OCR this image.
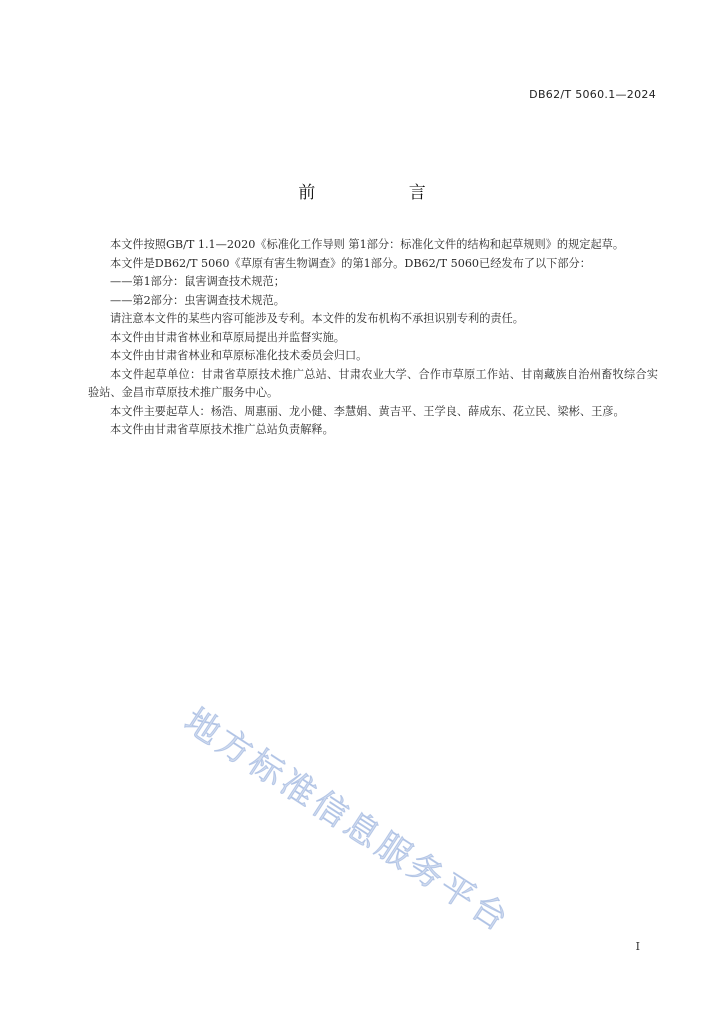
DB62/T 5060.1—2024
前 言

本文件按照GB/T 1.1—2020《标准化工作导则 第1部分：标准化文件的结构和起草规则》的规定起草。

本文件是DB62/T 5060《草原有害生物调查》的第1部分。DB62/T 5060已经发布了以下部分：

——第1部分：鼠害调查技术规范；

——第2部分：虫害调查技术规范。

请注意本文件的某些内容可能涉及专利。本文件的发布机构不承担识别专利的责任。

本文件由甘肃省林业和草原局提出并监督实施。

本文件由甘肃省林业和草原标准化技术委员会归口。

本文件起草单位：甘肃省草原技术推广总站、甘肃农业大学、合作市草原工作站、甘南藏族自治州畜牧综合实验站、金昌市草原技术推广服务中心。

本文件主要起草人：杨浩、周惠丽、龙小健、李慧娟、黄吉平、王学良、薛成东、花立民、梁彬、王彦。

本文件由甘肃省草原技术推广总站负责解释。

地方标准信息服务平台
I
